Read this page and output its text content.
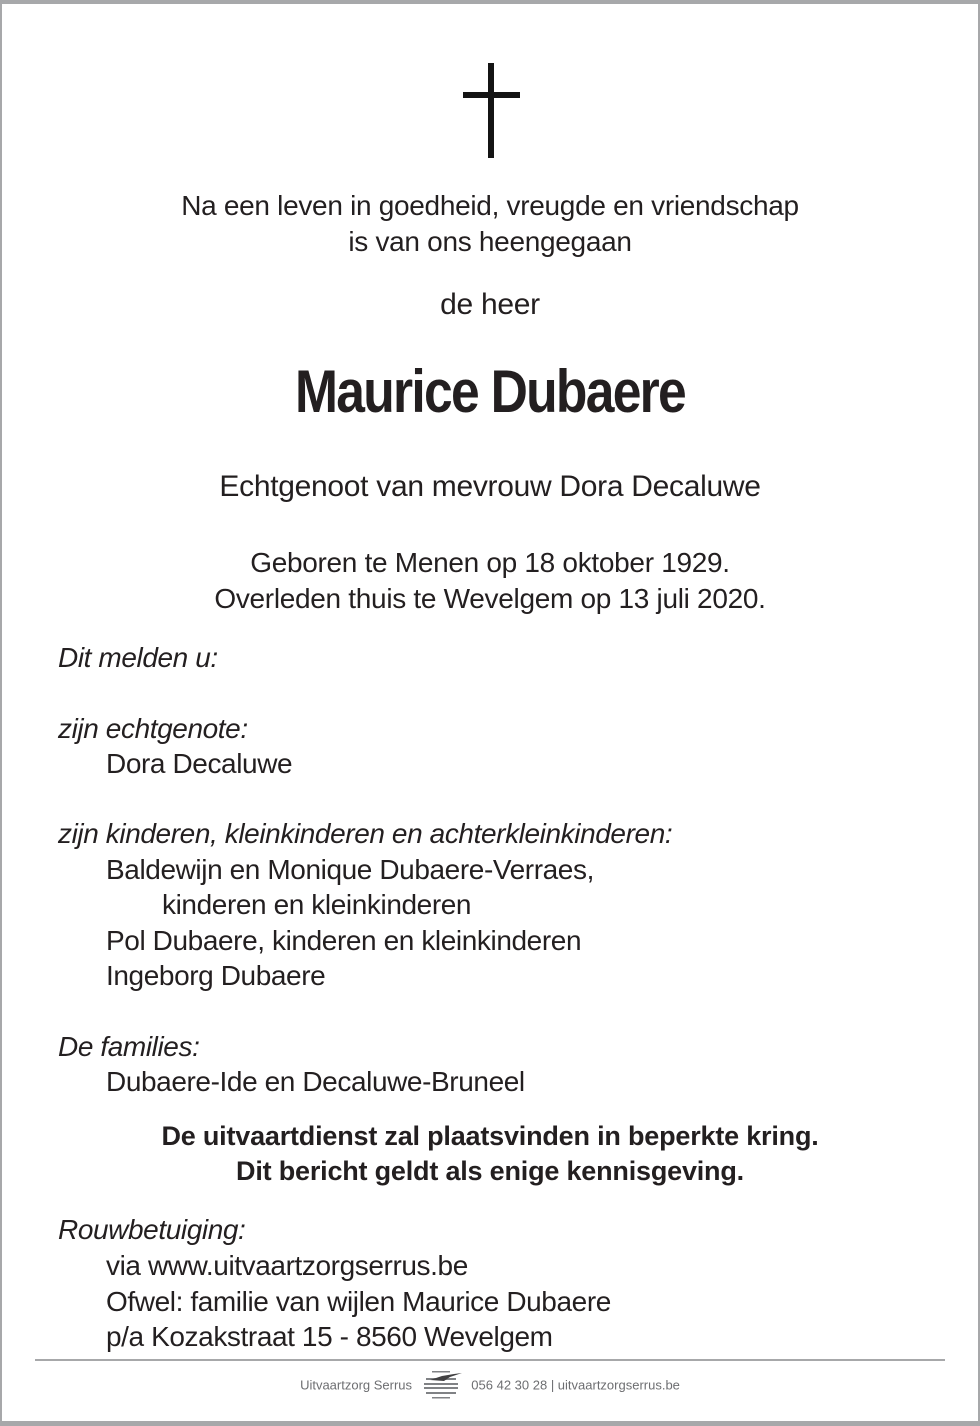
Na een leven in goedheid, vreugde en vriendschap
is van ons heengegaan
de heer
Maurice Dubaere
Echtgenoot van mevrouw Dora Decaluwe
Geboren te Menen op 18 oktober 1929.
Overleden thuis te Wevelgem op 13 juli 2020.
Dit melden u:
zijn echtgenote:
Dora Decaluwe
zijn kinderen, kleinkinderen en achterkleinkinderen:
Baldewijn en Monique Dubaere-Verraes,
kinderen en kleinkinderen
Pol Dubaere, kinderen en kleinkinderen
Ingeborg Dubaere
De families:
Dubaere-Ide en Decaluwe-Bruneel
De uitvaartdienst zal plaatsvinden in beperkte kring.
Dit bericht geldt als enige kennisgeving.
Rouwbetuiging:
via www.uitvaartzorgserrus.be
Ofwel: familie van wijlen Maurice Dubaere
p/a Kozakstraat 15 - 8560 Wevelgem
Uitvaartzorg Serrus	056 42 30 28 | uitvaartzorgserrus.be
